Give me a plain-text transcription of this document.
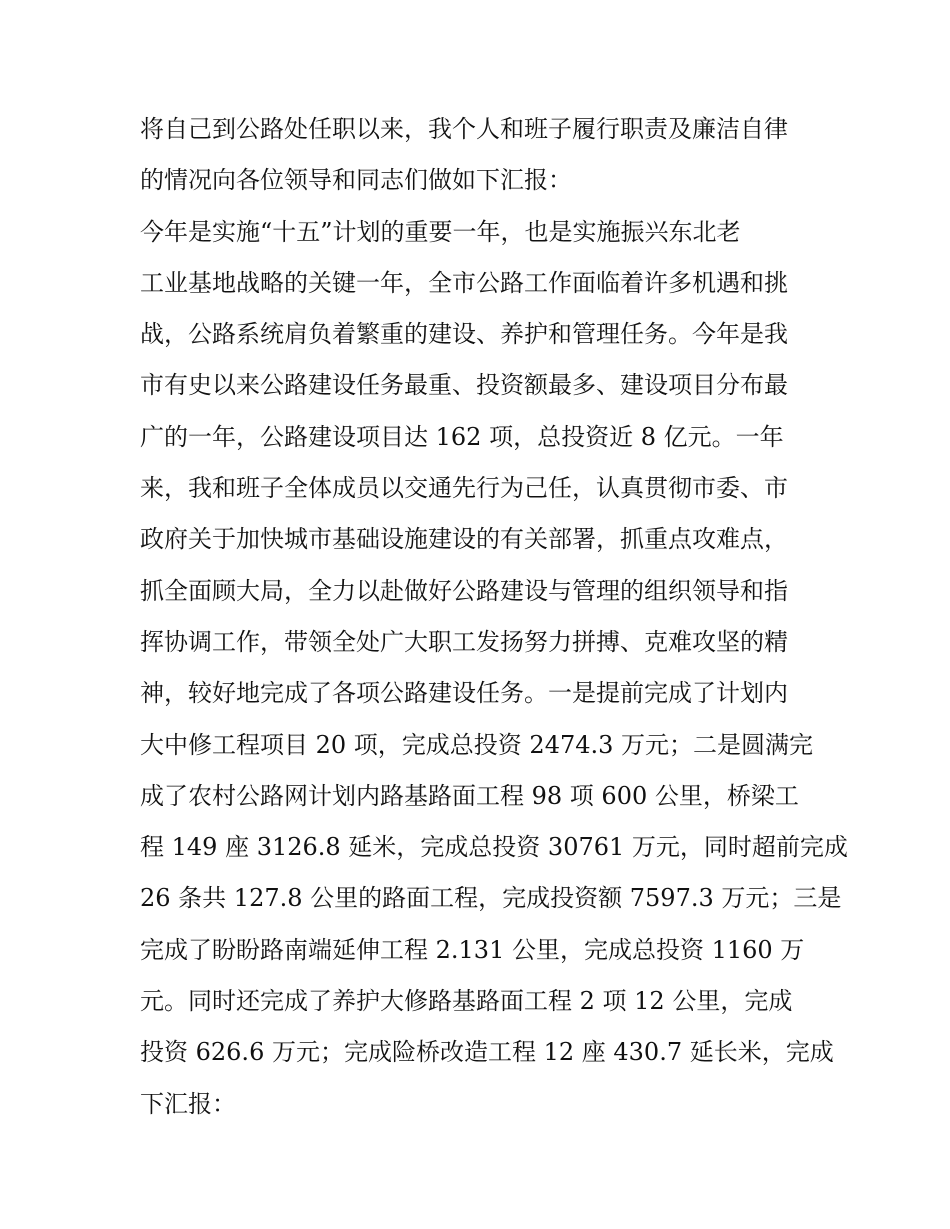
将自己到公路处任职以来，我个人和班子履行职责及廉洁自律
的情况向各位领导和同志们做如下汇报：
今年是实施“十五”计划的重要一年，也是实施振兴东北老
工业基地战略的关键一年，全市公路工作面临着许多机遇和挑
战，公路系统肩负着繁重的建设、养护和管理任务。今年是我
市有史以来公路建设任务最重、投资额最多、建设项目分布最
广的一年，公路建设项目达 162 项，总投资近 8 亿元。一年
来，我和班子全体成员以交通先行为己任，认真贯彻市委、市
政府关于加快城市基础设施建设的有关部署，抓重点攻难点，
抓全面顾大局，全力以赴做好公路建设与管理的组织领导和指
挥协调工作，带领全处广大职工发扬努力拼搏、克难攻坚的精
神，较好地完成了各项公路建设任务。一是提前完成了计划内
大中修工程项目 20 项，完成总投资 2474.3 万元；二是圆满完
成了农村公路网计划内路基路面工程 98 项 600 公里，桥梁工
程 149 座 3126.8 延米，完成总投资 30761 万元，同时超前完成
26 条共 127.8 公里的路面工程，完成投资额 7597.3 万元；三是
完成了盼盼路南端延伸工程 2.131 公里，完成总投资 1160 万
元。同时还完成了养护大修路基路面工程 2 项 12 公里，完成
投资 626.6 万元；完成险桥改造工程 12 座 430.7 延长米，完成
下汇报：
